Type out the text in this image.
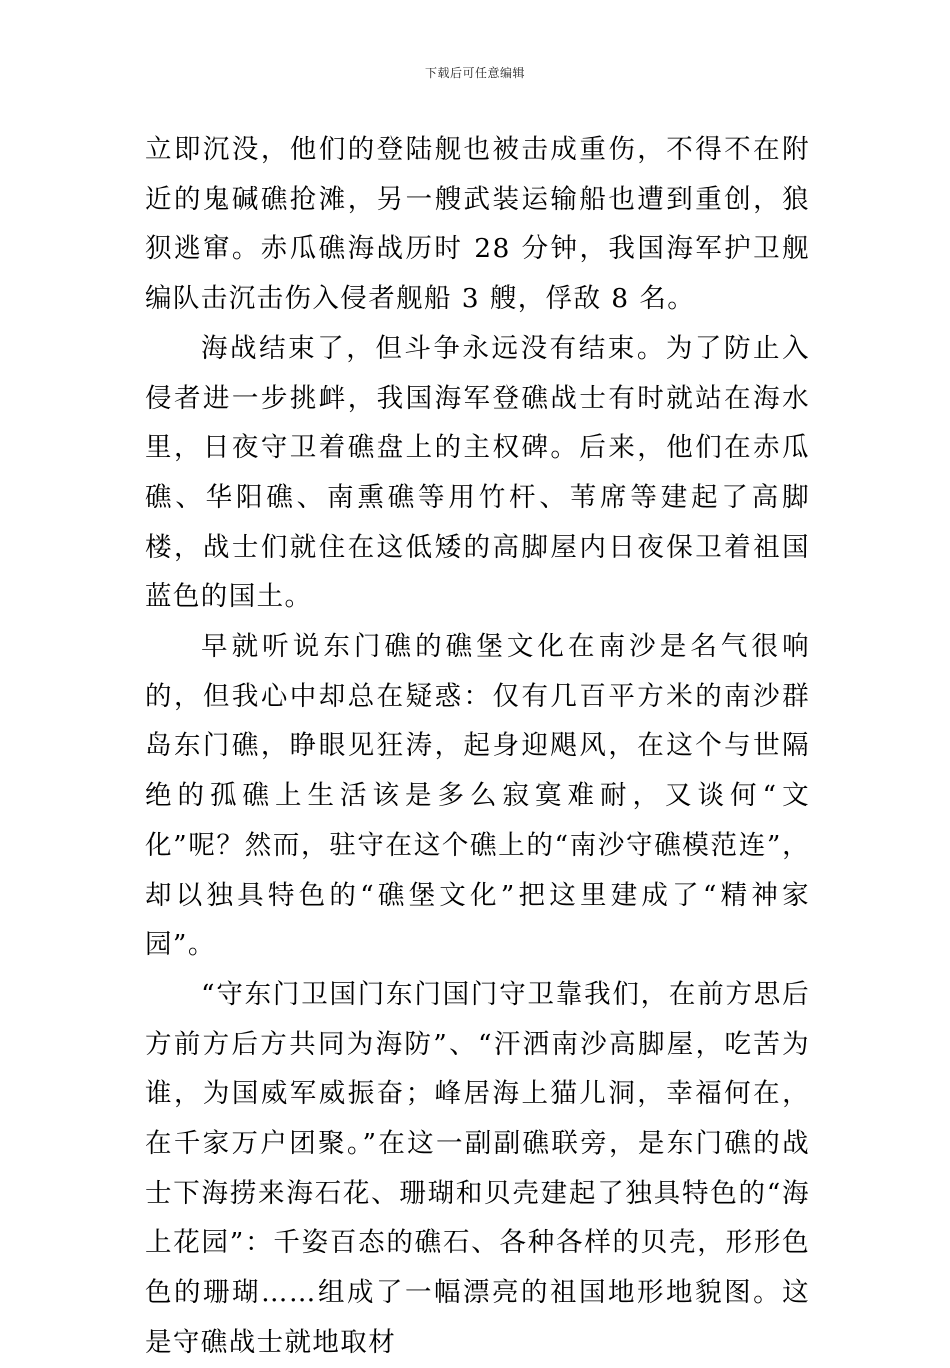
下载后可任意编辑

立即沉没，他们的登陆舰也被击成重伤，不得不在附近的鬼碱礁抢滩，另一艘武装运输船也遭到重创，狼狈逃窜。赤瓜礁海战历时 28 分钟，我国海军护卫舰编队击沉击伤入侵者舰船 3 艘，俘敌 8 名。

海战结束了，但斗争永远没有结束。为了防止入侵者进一步挑衅，我国海军登礁战士有时就站在海水里，日夜守卫着礁盘上的主权碑。后来，他们在赤瓜礁、华阳礁、南熏礁等用竹杆、苇席等建起了高脚楼，战士们就住在这低矮的高脚屋内日夜保卫着祖国蓝色的国土。

早就听说东门礁的礁堡文化在南沙是名气很响的，但我心中却总在疑惑：仅有几百平方米的南沙群岛东门礁，睁眼见狂涛，起身迎飓风，在这个与世隔绝的孤礁上生活该是多么寂寞难耐，又谈何“文化”呢？然而，驻守在这个礁上的“南沙守礁模范连”，却以独具特色的“礁堡文化”把这里建成了“精神家园”。

“守东门卫国门东门国门守卫靠我们，在前方思后方前方后方共同为海防”、“汗洒南沙高脚屋，吃苦为谁，为国威军威振奋；峰居海上猫儿洞，幸福何在，在千家万户团聚。”在这一副副礁联旁，是东门礁的战士下海捞来海石花、珊瑚和贝壳建起了独具特色的“海上花园”：千姿百态的礁石、各种各样的贝壳，形形色色的珊瑚……组成了一幅漂亮的祖国地形地貌图。这是守礁战士就地取材
